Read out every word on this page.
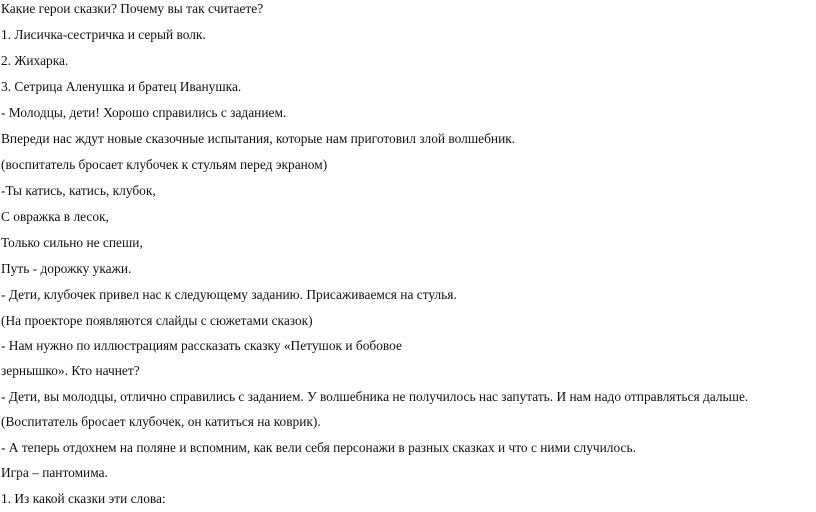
Какие герои сказки? Почему вы так считаете?
1. Лисичка-сестричка и серый волк.
2. Жихарка.
3. Сетрица Аленушка и братец Иванушка.
- Молодцы, дети! Хорошо справились с заданием.
Впереди нас ждут новые сказочные испытания, которые нам приготовил злой волшебник.
(воспитатель бросает клубочек к стульям перед экраном)
-Ты катись, катись, клубок,
С овражка в лесок,
Только сильно не спеши,
Путь - дорожку укажи.
- Дети, клубочек привел нас к следующему заданию. Присаживаемся на стулья.
(На проекторе появляются слайды с сюжетами сказок)
- Нам нужно по иллюстрациям рассказать сказку «Петушок и бобовое
зернышко». Кто начнет?
- Дети, вы молодцы, отлично справились с заданием. У волшебника не получилось нас запутать. И нам надо отправляться дальше.
(Воспитатель бросает клубочек, он катиться на коврик).
- А теперь отдохнем на поляне и вспомним, как вели себя персонажи в разных сказках и что с ними случилось.
Игра – пантомима.
1. Из какой сказки эти слова:
